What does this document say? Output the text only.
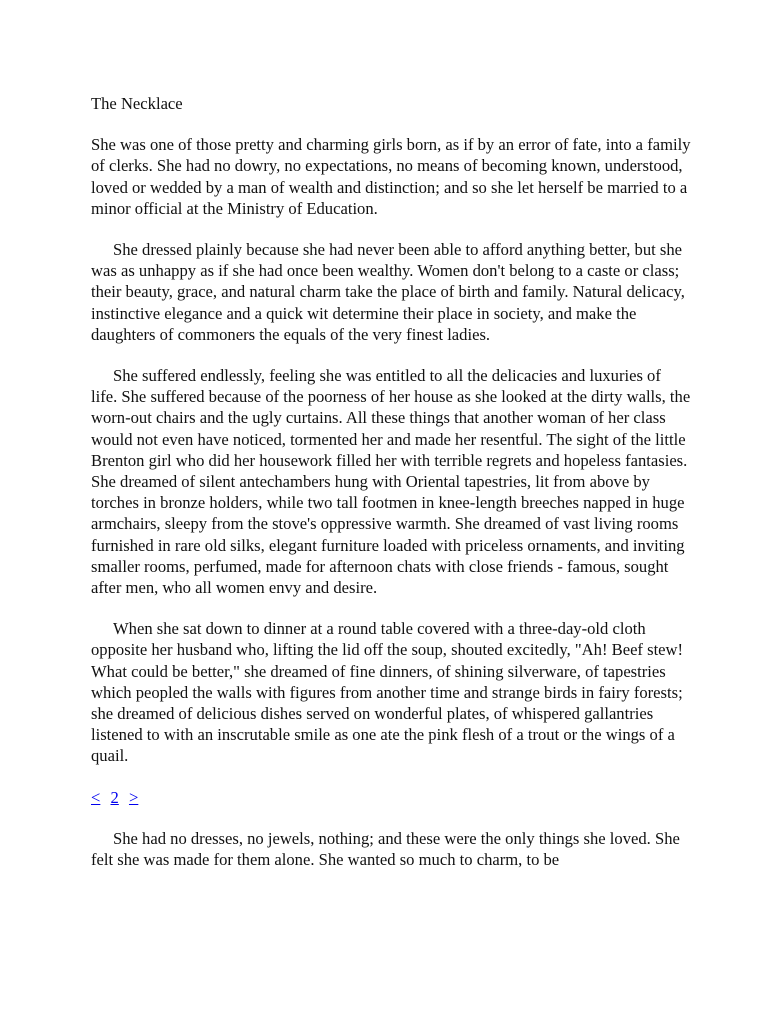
The Necklace

She was one of those pretty and charming girls born, as if by an error of fate, into a family of clerks. She had no dowry, no expectations, no means of becoming known, understood, loved or wedded by a man of wealth and distinction; and so she let herself be married to a minor official at the Ministry of Education.

She dressed plainly because she had never been able to afford anything better, but she was as unhappy as if she had once been wealthy. Women don't belong to a caste or class; their beauty, grace, and natural charm take the place of birth and family. Natural delicacy, instinctive elegance and a quick wit determine their place in society, and make the daughters of commoners the equals of the very finest ladies.

She suffered endlessly, feeling she was entitled to all the delicacies and luxuries of life. She suffered because of the poorness of her house as she looked at the dirty walls, the worn-out chairs and the ugly curtains. All these things that another woman of her class would not even have noticed, tormented her and made her resentful. The sight of the little Brenton girl who did her housework filled her with terrible regrets and hopeless fantasies. She dreamed of silent antechambers hung with Oriental tapestries, lit from above by torches in bronze holders, while two tall footmen in knee-length breeches napped in huge armchairs, sleepy from the stove's oppressive warmth. She dreamed of vast living rooms furnished in rare old silks, elegant furniture loaded with priceless ornaments, and inviting smaller rooms, perfumed, made for afternoon chats with close friends - famous, sought after men, who all women envy and desire.

When she sat down to dinner at a round table covered with a three-day-old cloth opposite her husband who, lifting the lid off the soup, shouted excitedly, "Ah! Beef stew! What could be better," she dreamed of fine dinners, of shining silverware, of tapestries which peopled the walls with figures from another time and strange birds in fairy forests; she dreamed of delicious dishes served on wonderful plates, of whispered gallantries listened to with an inscrutable smile as one ate the pink flesh of a trout or the wings of a quail.

< 2 >

She had no dresses, no jewels, nothing; and these were the only things she loved. She felt she was made for them alone. She wanted so much to charm, to be
